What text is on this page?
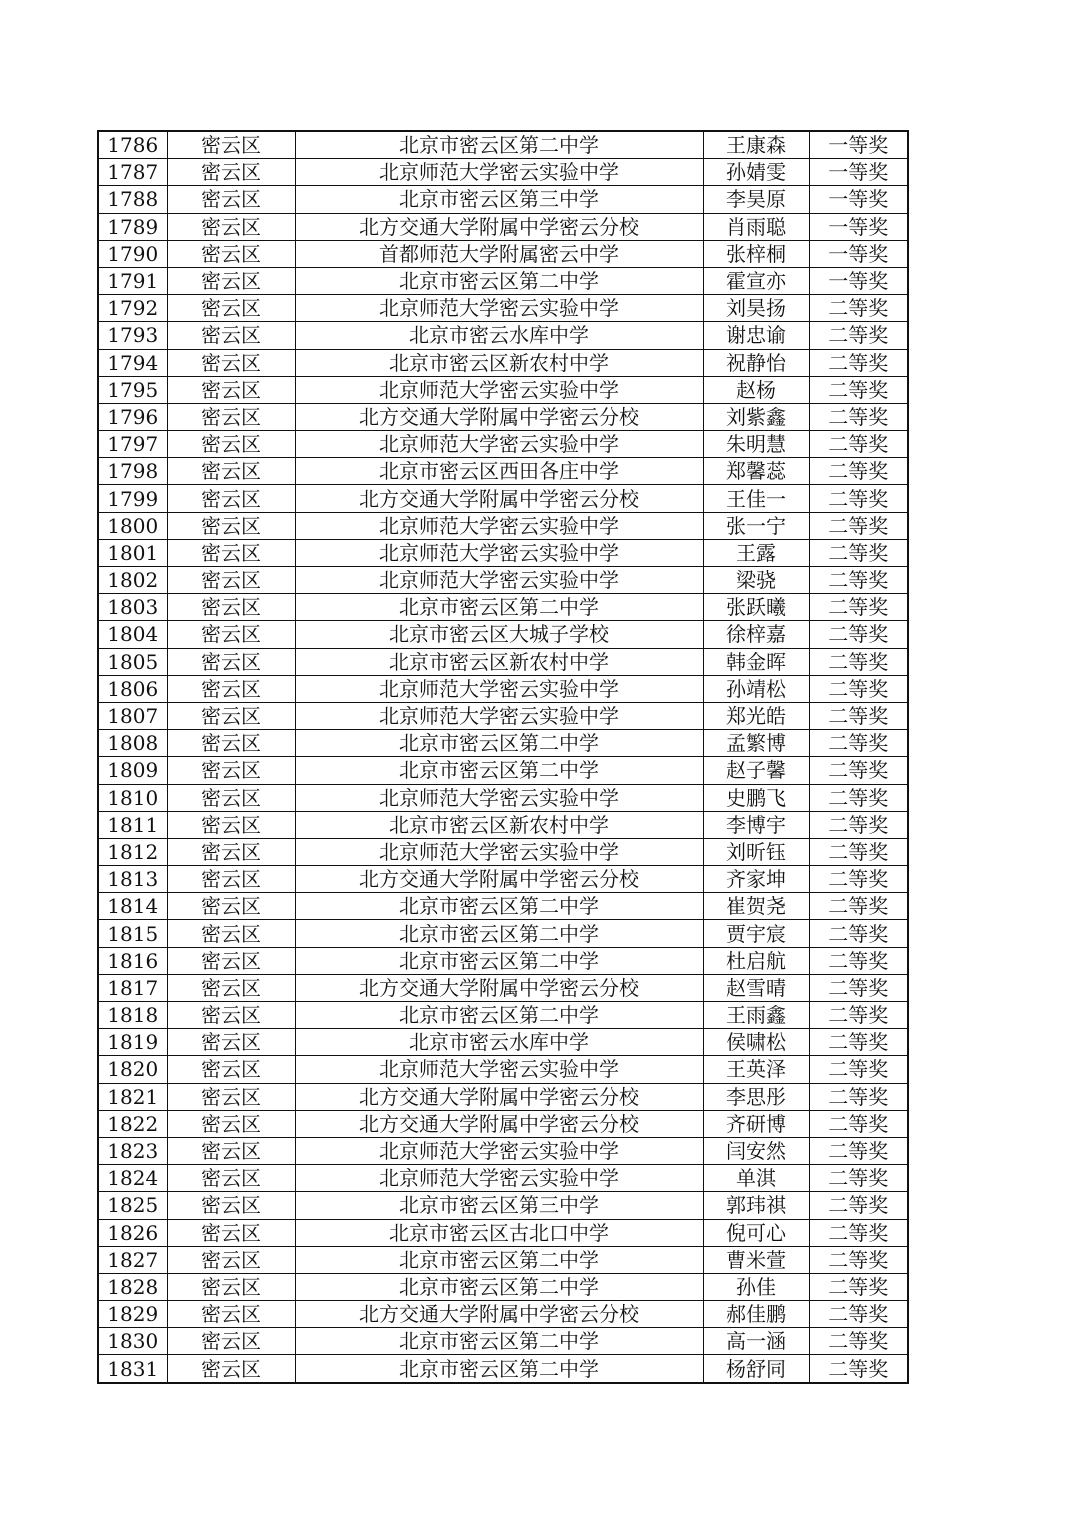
1786	密云区	北京市密云区第二中学	王康森	一等奖
1787	密云区	北京师范大学密云实验中学	孙婧雯	一等奖
1788	密云区	北京市密云区第三中学	李昊原	一等奖
1789	密云区	北方交通大学附属中学密云分校	肖雨聪	一等奖
1790	密云区	首都师范大学附属密云中学	张梓桐	一等奖
1791	密云区	北京市密云区第二中学	霍宣亦	一等奖
1792	密云区	北京师范大学密云实验中学	刘昊扬	二等奖
1793	密云区	北京市密云水库中学	谢忠谕	二等奖
1794	密云区	北京市密云区新农村中学	祝静怡	二等奖
1795	密云区	北京师范大学密云实验中学	赵杨	二等奖
1796	密云区	北方交通大学附属中学密云分校	刘紫鑫	二等奖
1797	密云区	北京师范大学密云实验中学	朱明慧	二等奖
1798	密云区	北京市密云区西田各庄中学	郑馨蕊	二等奖
1799	密云区	北方交通大学附属中学密云分校	王佳一	二等奖
1800	密云区	北京师范大学密云实验中学	张一宁	二等奖
1801	密云区	北京师范大学密云实验中学	王露	二等奖
1802	密云区	北京师范大学密云实验中学	梁骁	二等奖
1803	密云区	北京市密云区第二中学	张跃曦	二等奖
1804	密云区	北京市密云区大城子学校	徐梓嘉	二等奖
1805	密云区	北京市密云区新农村中学	韩金晖	二等奖
1806	密云区	北京师范大学密云实验中学	孙靖松	二等奖
1807	密云区	北京师范大学密云实验中学	郑光皓	二等奖
1808	密云区	北京市密云区第二中学	孟繁博	二等奖
1809	密云区	北京市密云区第二中学	赵子馨	二等奖
1810	密云区	北京师范大学密云实验中学	史鹏飞	二等奖
1811	密云区	北京市密云区新农村中学	李博宇	二等奖
1812	密云区	北京师范大学密云实验中学	刘昕钰	二等奖
1813	密云区	北方交通大学附属中学密云分校	齐家坤	二等奖
1814	密云区	北京市密云区第二中学	崔贺尧	二等奖
1815	密云区	北京市密云区第二中学	贾宇宸	二等奖
1816	密云区	北京市密云区第二中学	杜启航	二等奖
1817	密云区	北方交通大学附属中学密云分校	赵雪晴	二等奖
1818	密云区	北京市密云区第二中学	王雨鑫	二等奖
1819	密云区	北京市密云水库中学	侯啸松	二等奖
1820	密云区	北京师范大学密云实验中学	王英泽	二等奖
1821	密云区	北方交通大学附属中学密云分校	李思彤	二等奖
1822	密云区	北方交通大学附属中学密云分校	齐研博	二等奖
1823	密云区	北京师范大学密云实验中学	闫安然	二等奖
1824	密云区	北京师范大学密云实验中学	单淇	二等奖
1825	密云区	北京市密云区第三中学	郭玮祺	二等奖
1826	密云区	北京市密云区古北口中学	倪可心	二等奖
1827	密云区	北京市密云区第二中学	曹米萱	二等奖
1828	密云区	北京市密云区第二中学	孙佳	二等奖
1829	密云区	北方交通大学附属中学密云分校	郝佳鹏	二等奖
1830	密云区	北京市密云区第二中学	高一涵	二等奖
1831	密云区	北京市密云区第二中学	杨舒同	二等奖
